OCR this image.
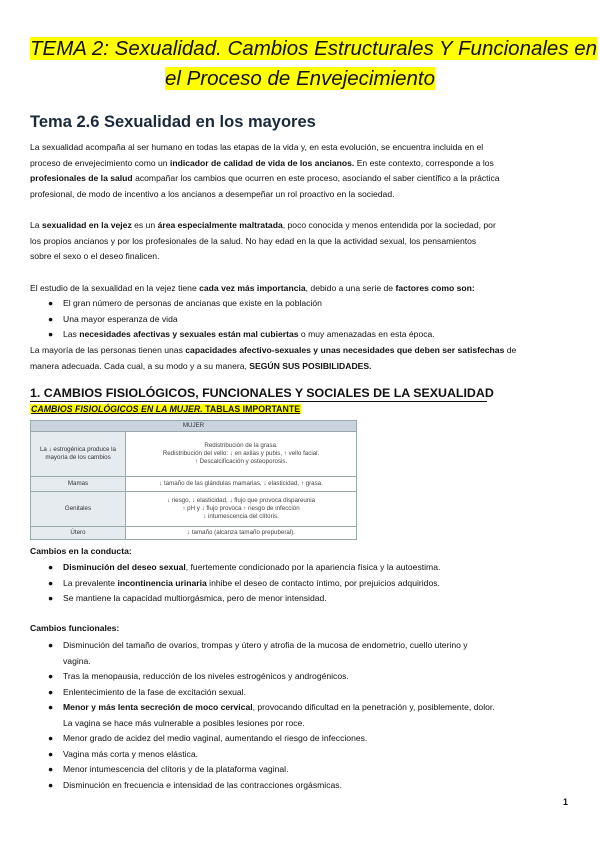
TEMA 2: Sexualidad. Cambios Estructurales Y Funcionales en
el Proceso de Envejecimiento
Tema 2.6 Sexualidad en los mayores
La sexualidad acompaña al ser humano en todas las etapas de la vida y, en esta evolución, se encuentra incluida en el
proceso de envejecimiento como un indicador de calidad de vida de los ancianos. En este contexto, corresponde a los
profesionales de la salud acompañar los cambios que ocurren en este proceso, asociando el saber científico a la práctica
profesional, de modo de incentivo a los ancianos a desempeñar un rol proactivo en la sociedad.
La sexualidad en la vejez es un área especialmente maltratada, poco conocida y menos entendida por la sociedad, por
los propios ancianos y por los profesionales de la salud. No hay edad en la que la actividad sexual, los pensamientos
sobre el sexo o el deseo finalicen.
El estudio de la sexualidad en la vejez tiene cada vez más importancia, debido a una serie de factores como son:
● El gran número de personas de ancianas que existe en la población
● Una mayor esperanza de vida
● Las necesidades afectivas y sexuales están mal cubiertas o muy amenazadas en esta época.
La mayoría de las personas tienen unas capacidades afectivo-sexuales y unas necesidades que deben ser satisfechas de
manera adecuada. Cada cual, a su modo y a su manera, SEGÚN SUS POSIBILIDADES.
1. CAMBIOS FISIOLÓGICOS, FUNCIONALES Y SOCIALES DE LA SEXUALIDAD
CAMBIOS FISIOLÓGICOS EN LA MUJER. TABLAS IMPORTANTE
MUJER	
La ↓ estrogénica produce la mayoría de los cambios	Redistribución de la grasa.
Redistribución del vello: ↓ en axilas y pubis, ↑ vello facial.
↑ Descalcificación y osteoporosis.

Mamas	↓ tamaño de las glándulas mamarias, ↓ elasticidad, ↑ grasa.
Genitales	↓ riesgo, ↓ elasticidad, ↓ flujo que provoca dispareunia
↑ pH y ↓ flujo provoca ↑ riesgo de infección
↓ intumescencia del clítoris.

Útero	↓ tamaño (alcanza tamaño prepuberal).
Cambios en la conducta:
● Disminución del deseo sexual, fuertemente condicionado por la apariencia física y la autoestima.
● La prevalente incontinencia urinaria inhibe el deseo de contacto íntimo, por prejuicios adquiridos.
● Se mantiene la capacidad multiorgásmica, pero de menor intensidad.
Cambios funcionales:
● Disminución del tamaño de ovarios, trompas y útero y atrofia de la mucosa de endometrio, cuello uterino y
vagina.
● Tras la menopausia, reducción de los niveles estrogénicos y androgénicos.
● Enlentecimiento de la fase de excitación sexual.
● Menor y más lenta secreción de moco cervical, provocando dificultad en la penetración y, posiblemente, dolor.
La vagina se hace más vulnerable a posibles lesiones por roce.
● Menor grado de acidez del medio vaginal, aumentando el riesgo de infecciones.
● Vagina más corta y menos elástica.
● Menor intumescencia del clítoris y de la plataforma vaginal.
● Disminución en frecuencia e intensidad de las contracciones orgásmicas.
1
